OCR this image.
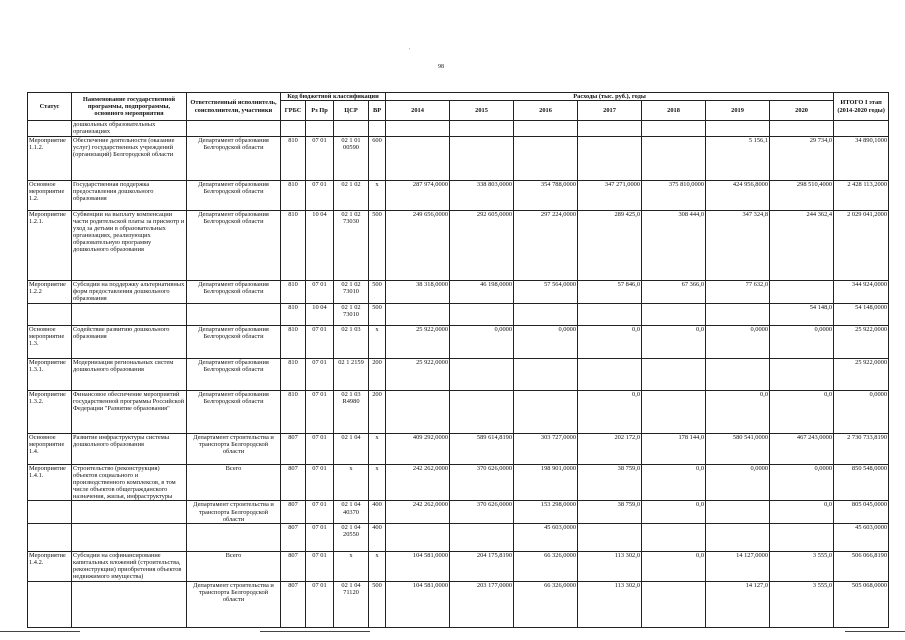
'
98
Статус	Наименование государственной программы, подпрограммы, основного мероприятия	Ответственный исполнитель, соисполнители, участники	Код бюджетной классификации				Расходы (тыс. руб.), годы							ИТОГО I этап (2014-2020 годы)
			ГРБС	Рз Пр	ЦСР	ВР	2014	2015	2016	2017	2018	2019	2020	

	дошкольных образовательных организациях													
Мероприятие 1.1.2.	Обеспечение деятельности (оказание услуг) государственных учреждений (организаций) Белгородской области	Департамент образования Белгородской области	810	07 01	02 1 01 00590	600						5 156,1	29 734,0	34 890,1000
Основное мероприятие 1.2.	Государственная поддержка предоставления дошкольного образования	Департамент образования Белгородской области	810	07 01	02 1 02	x	287 974,0000	338 803,0000	354 788,0000	347 271,0000	375 810,0000	424 956,8000	298 510,4000	2 428 113,2000
Мероприятие 1.2.1.	Субвенции на выплату компенсации части родительской платы за присмотр и уход за детьми в образовательных организациях, реализующих образовательную программу дошкольного образования	Департамент образования Белгородской области	810	10 04	02 1 02 73030	500	249 656,0000	292 605,0000	297 224,0000	289 425,0	308 444,0	347 324,8	244 362,4	2 029 041,2000
Мероприятие 1.2.2	Субсидии на поддержку альтернативных форм предоставления дошкольного образования	Департамент образования Белгородской области	810	07 01	02 1 02 73010	500	38 318,0000	46 198,0000	57 564,0000	57 846,0	67 366,0	77 632,0		344 924,0000
			810	10 04	02 1 02 73010	500							54 148,0	54 148,0000
Основное мероприятие 1.3.	Содействие развитию дошкольного образования	Департамент образования Белгородской области	810	07 01	02 1 03	x	25 922,0000	0,0000	0,0000	0,0	0,0	0,0000	0,0000	25 922,0000
Мероприятие 1.3.1.	Модернизация региональных систем дошкольного образования	Департамент образования Белгородской области	810	07 01	02 1 2159	200	25 922,0000							25 922,0000
Мероприятие 1.3.2.	Финансовое обеспечение мероприятий государственной программы Российской Федерации "Развитие образования"	Департамент образования Белгородской области	810	07 01	02 1 03 R4980	200				0,0		0,0	0,0	0,0000
Основное мероприятие 1.4.	Развитие инфраструктуры системы дошкольного образования	Департамент строительства и транспорта Белгородской области	807	07 01	02 1 04	x	409 292,0000	589 614,8190	303 727,0000	202 172,0	178 144,0	580 541,0000	467 243,0000	2 730 733,8190
Мероприятие 1.4.1.	Строительство (реконструкция) объектов социального и производственного комплексов, в том числе объектов общегражданского назначения, жилья, инфраструктуры	Всего	807	07 01	x	x	242 262,0000	370 626,0000	198 901,0000	38 759,0	0,0	0,0000	0,0000	850 548,0000
		Департамент строительства и транспорта Белгородской области	807	07 01	02 1 04 40370	400	242 262,0000	370 626,0000	153 298,0000	38 759,0	0,0		0,0	805 045,0000
			807	07 01	02 1 04 20550	400			45 603,0000					45 603,0000
Мероприятие 1.4.2.	Субсидии на софинансирование капитальных вложений (строительства, реконструкции) приобретения объектов недвижимого имущества)	Всего	807	07 01	x	x	104 581,0000	204 175,8190	66 326,0000	113 302,0	0,0	14 127,0000	3 555,0	506 066,8190
		Департамент строительства и транспорта Белгородской области	807	07 01	02 1 04 71120	500	104 581,0000	203 177,0000	66 326,0000	113 302,0		14 127,0	3 555,0	505 068,0000
